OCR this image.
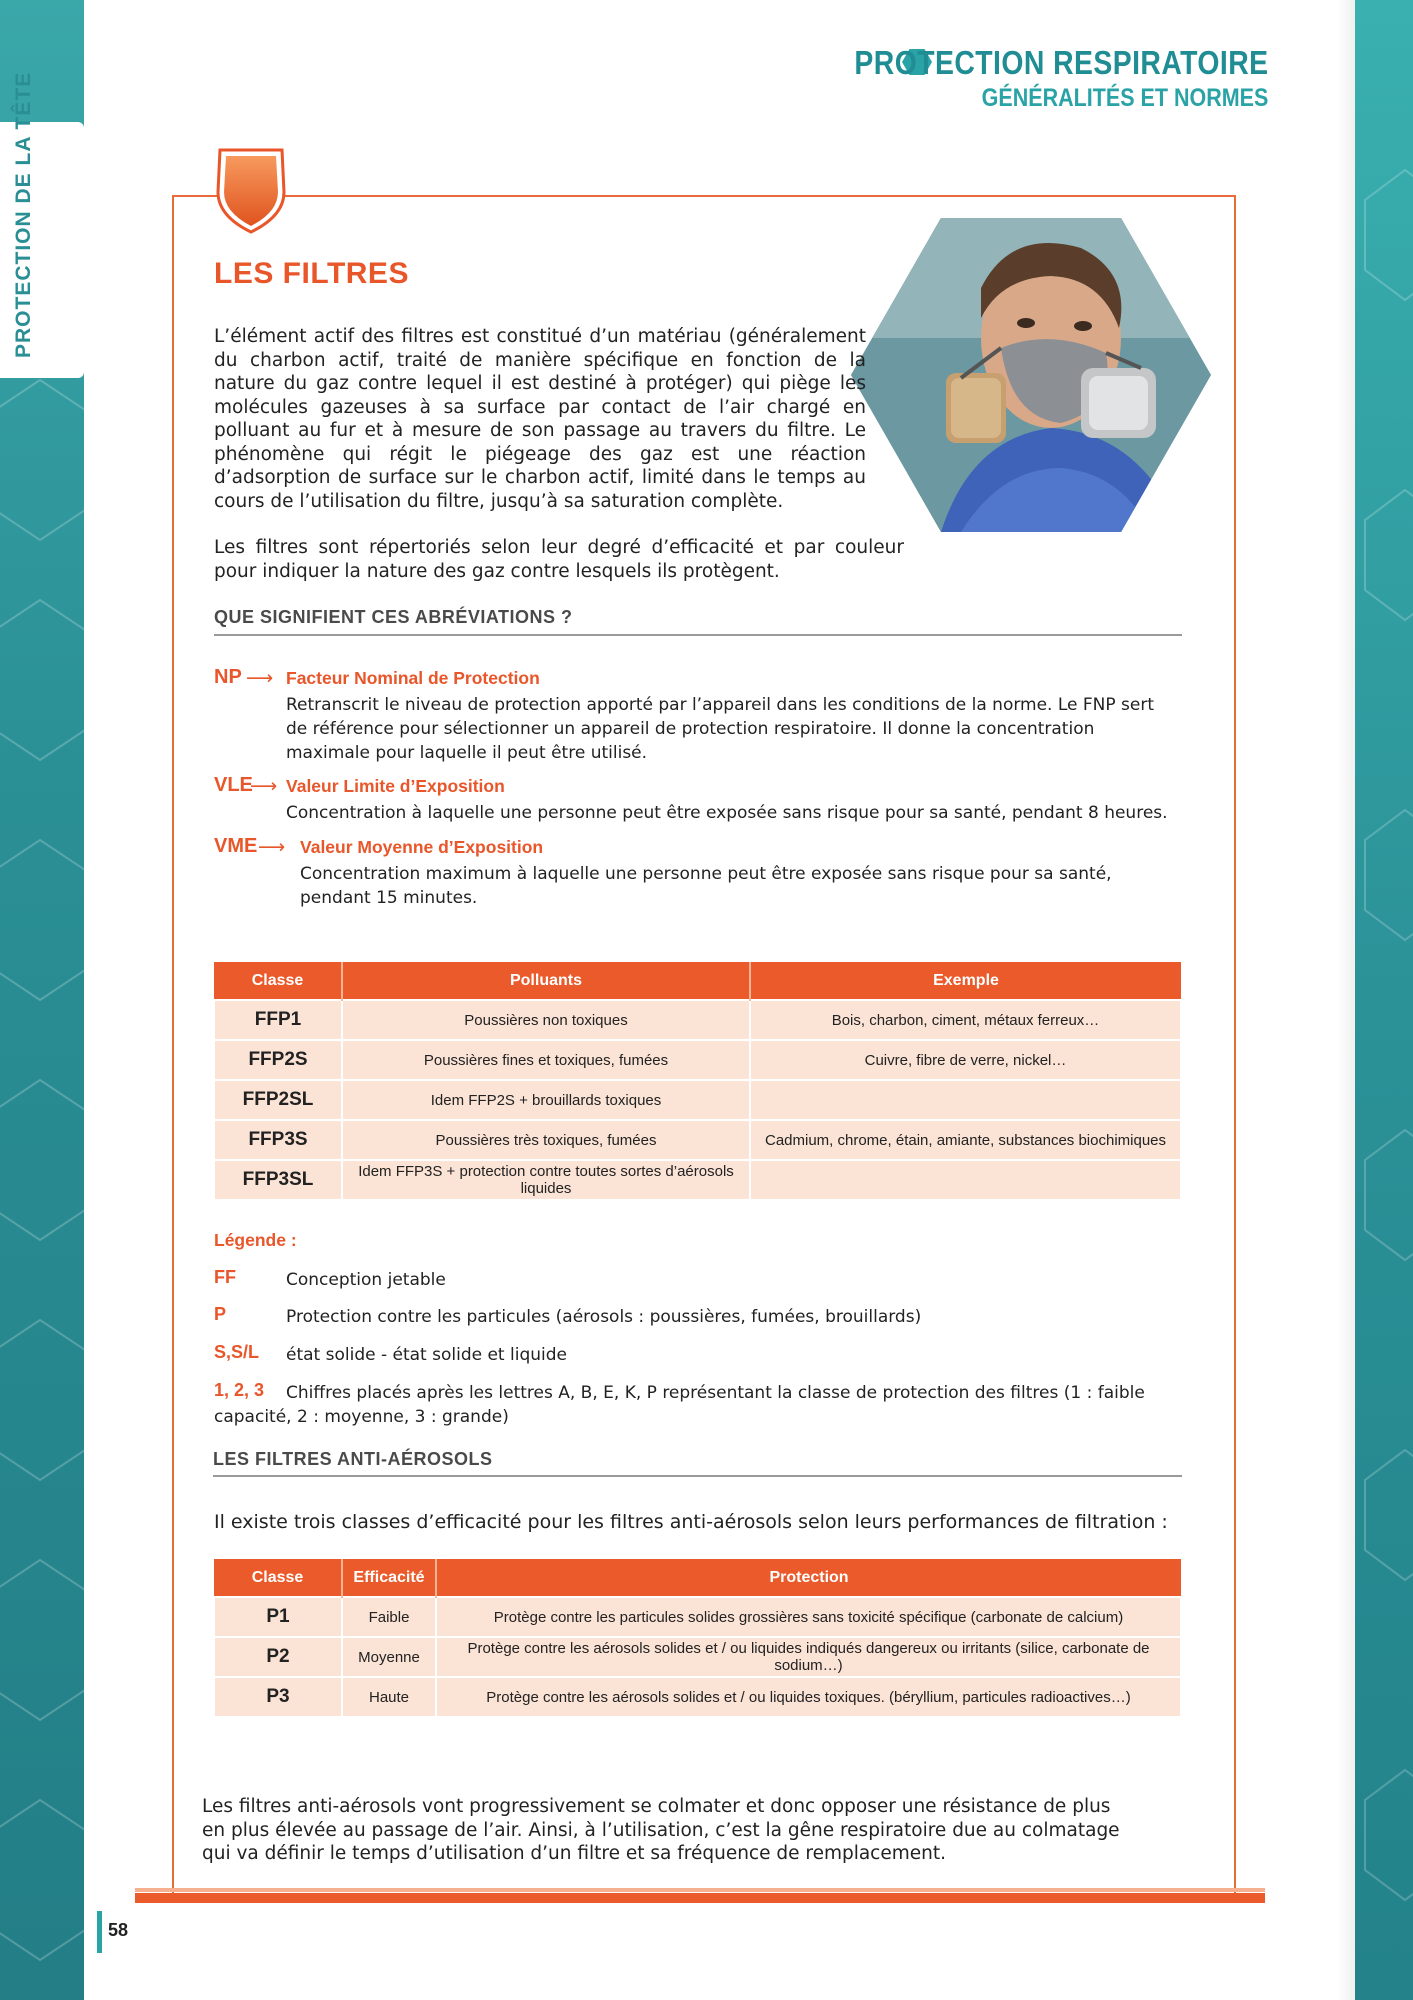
PROTECTION DE LA TÊTE
PROTECTION RESPIRATOIRE
GÉNÉRALITÉS ET NORMES
LES FILTRES

L’élément actif des filtres est constitué d’un matériau (généralement du charbon actif, traité de manière spécifique en fonction de la nature du gaz contre lequel il est destiné à protéger) qui piège les molécules gazeuses à sa surface par contact de l’air chargé en polluant au fur et à mesure de son passage au travers du filtre. Le phénomène qui régit le piégeage des gaz est une réaction d’adsorption de surface sur le charbon actif, limité dans le temps au cours de l’utilisation du filtre, jusqu’à sa saturation complète.

Les filtres sont répertoriés selon leur degré d’efficacité et par couleur pour indiquer la nature des gaz contre lesquels ils protègent.

QUE SIGNIFIENT CES ABRÉVIATIONS ?
NP ⟶ Facteur Nominal de Protection
Retranscrit le niveau de protection apporté par l’appareil dans les conditions de la norme. Le FNP sert de référence pour sélectionner un appareil de protection respiratoire. Il donne la concentration maximale pour laquelle il peut être utilisé.
VLE
⟶ Valeur Limite d’Exposition
Concentration à laquelle une personne peut être exposée sans risque pour sa santé, pendant 8 heures.
VME ⟶ Valeur Moyenne d’Exposition
Concentration maximum à laquelle une personne peut être exposée sans risque pour sa santé, pendant 15 minutes.
Classe	Polluants	Exemple
FFP1	Poussières non toxiques	Bois, charbon, ciment, métaux ferreux…
FFP2S	Poussières fines et toxiques, fumées	Cuivre, fibre de verre, nickel…
FFP2SL	Idem FFP2S + brouillards toxiques	
FFP3S	Poussières très toxiques, fumées	Cadmium, chrome, étain, amiante, substances biochimiques
FFP3SL	Idem FFP3S + protection contre toutes sortes d’aérosols liquides	
Légende :
FF	Conception jetable
P	Protection contre les particules (aérosols : poussières, fumées, brouillards)
S,S/L état solide - état solide et liquide
1, 2, 3	Chiffres placés après les lettres A, B, E, K, P représentant la classe de protection des filtres (1 : faible capacité, 2 : moyenne, 3 : grande)
LES FILTRES ANTI-AÉROSOLS
Il existe trois classes d’efficacité pour les filtres anti-aérosols selon leurs performances de filtration :
Classe	Efficacité	Protection
P1	Faible	Protège contre les particules solides grossières sans toxicité spécifique (carbonate de calcium)
P2	Moyenne	Protège contre les aérosols solides et / ou liquides indiqués dangereux ou irritants (silice, carbonate de sodium…)
P3	Haute	Protège contre les aérosols solides et / ou liquides toxiques. (béryllium, particules radioactives…)

Les filtres anti-aérosols vont progressivement se colmater et donc opposer une résistance de plus en plus élevée au passage de l’air. Ainsi, à l’utilisation, c’est la gêne respiratoire due au colmatage qui va définir le temps d’utilisation d’un filtre et sa fréquence de remplacement.

58
